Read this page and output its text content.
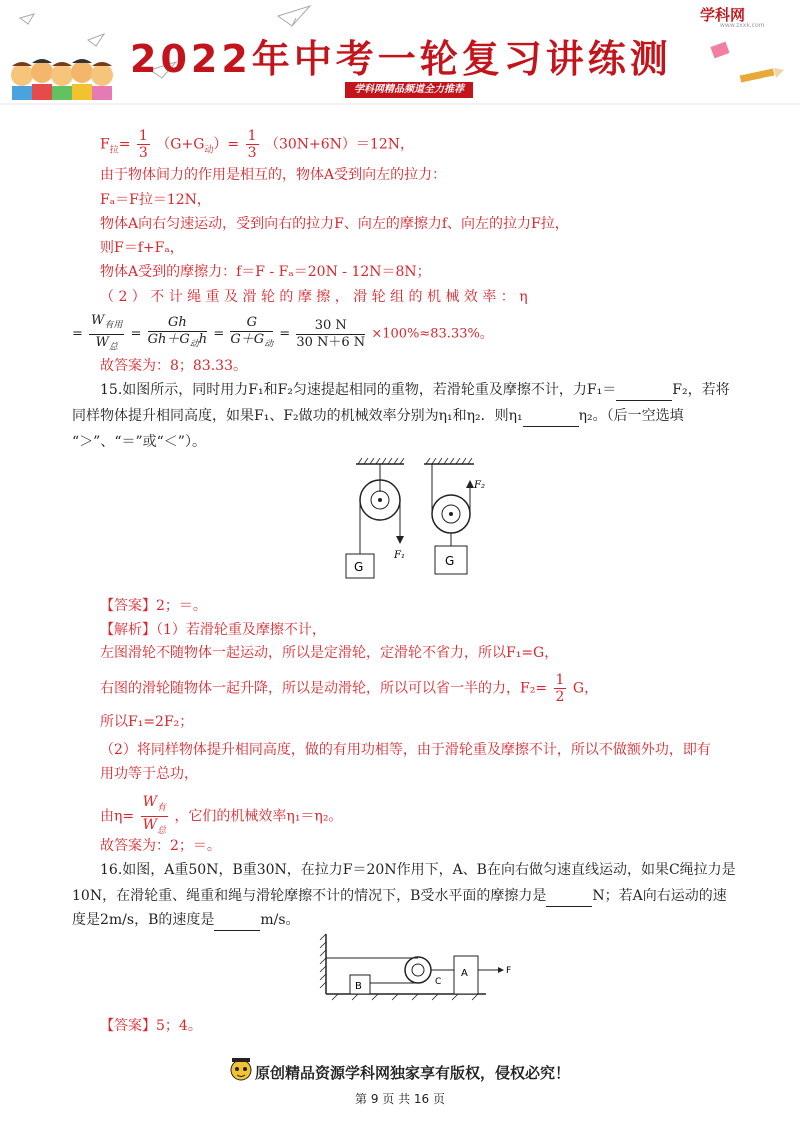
2022年中考一轮复习讲练测
学科网精品频道全力推荐
学科网
www.zxxk.com
$F_拉= \frac{1}{3} (G+G_动)= \frac{1}{3} (30N+6N)=12N$，
由于物体间力的作用是相互的，物体A受到向左的拉力：
Fₐ＝F拉＝12N，
物体A向右匀速运动，受到向右的拉力F、向左的摩擦力f、向左的拉力F拉，
则F＝f+Fₐ，
物体A受到的摩擦力：f＝F - Fₐ＝20N - 12N＝8N；
（ 2 ） 不 计 绳 重 及 滑 轮 的 摩 擦 ， 滑 轮 组 的 机 械 效 率 ： η
= $\frac{W_{有用}}{W_总} = \frac{Gh}{Gh+G_动h} = \frac{G}{G+G_动} = \frac{30 N}{30 N+6 N} \times 100\%\approx 83.33\%$。
故答案为：8；83.33。
15.如图所示，同时用力F₁和F₂匀速提起相同的重物，若滑轮重及摩擦不计，力F₁＝	F₂，若将
同样物体提升相同高度，如果F₁、F₂做功的机械效率分别为η₁和η₂．则η₁	η₂。（后一空选填
“＞”、“＝”或“＜”）。
G
F₁
F₂
G
【答案】2；＝。
【解析】（1）若滑轮重及摩擦不计，
左图滑轮不随物体一起运动，所以是定滑轮，定滑轮不省力，所以F₁=G，
右图的滑轮随物体一起升降，所以是动滑轮，所以可以省一半的力，$F_2= \frac{1}{2}$ G，
所以F₁=2F₂；
（2）将同样物体提升相同高度，做的有用功相等，由于滑轮重及摩擦不计，所以不做额外功，即有
用功等于总功，
由$\eta= \frac{W_有}{W_总}$ ，它们的机械效率η₁＝η₂。
故答案为：2；＝。
16.如图，A重50N，B重30N，在拉力F＝20N作用下，A、B在向右做匀速直线运动，如果C绳拉力是
10N，在滑轮重、绳重和绳与滑轮摩擦不计的情况下，B受水平面的摩擦力是	N；若A向右运动的速
度是2m/s，B的速度是	m/s。
B	C
A	F
【答案】5；4。
原创精品资源学科网独家享有版权，侵权必究！
第 9 页 共 16 页
